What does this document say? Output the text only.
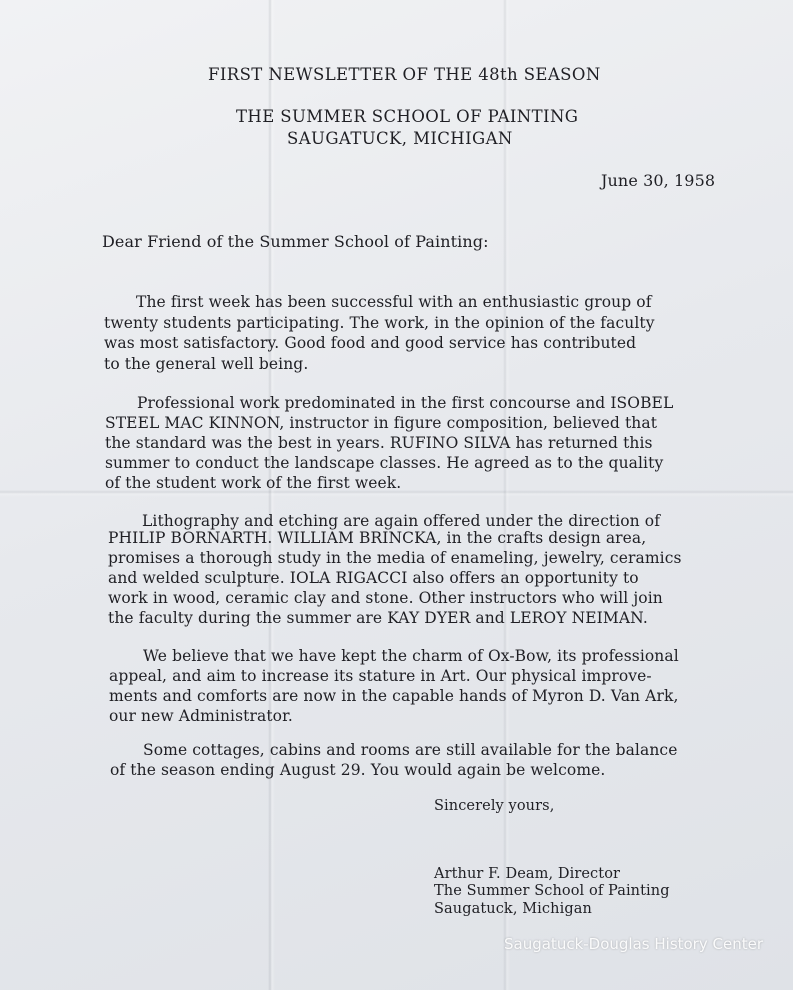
FIRST NEWSLETTER OF THE 48th SEASON
THE SUMMER SCHOOL OF PAINTING
SAUGATUCK, MICHIGAN
June 30, 1958
Dear Friend of the Summer School of Painting:
The first week has been successful with an enthusiastic group of
twenty students participating. The work, in the opinion of the faculty
was most satisfactory. Good food and good service has contributed
to the general well being.
Professional work predominated in the first concourse and ISOBEL
STEEL MAC KINNON, instructor in figure composition, believed that
the standard was the best in years. RUFINO SILVA has returned this
summer to conduct the landscape classes. He agreed as to the quality
of the student work of the first week.
Lithography and etching are again offered under the direction of
PHILIP BORNARTH. WILLIAM BRINCKA, in the crafts design area,
promises a thorough study in the media of enameling, jewelry, ceramics
and welded sculpture. IOLA RIGACCI also offers an opportunity to
work in wood, ceramic clay and stone. Other instructors who will join
the faculty during the summer are KAY DYER and LEROY NEIMAN.
We believe that we have kept the charm of Ox-Bow, its professional
appeal, and aim to increase its stature in Art. Our physical improve-
ments and comforts are now in the capable hands of Myron D. Van Ark,
our new Administrator.
Some cottages, cabins and rooms are still available for the balance
of the season ending August 29. You would again be welcome.
Sincerely yours,
Arthur F. Deam, Director
The Summer School of Painting
Saugatuck, Michigan
Saugatuck-Douglas History Center
